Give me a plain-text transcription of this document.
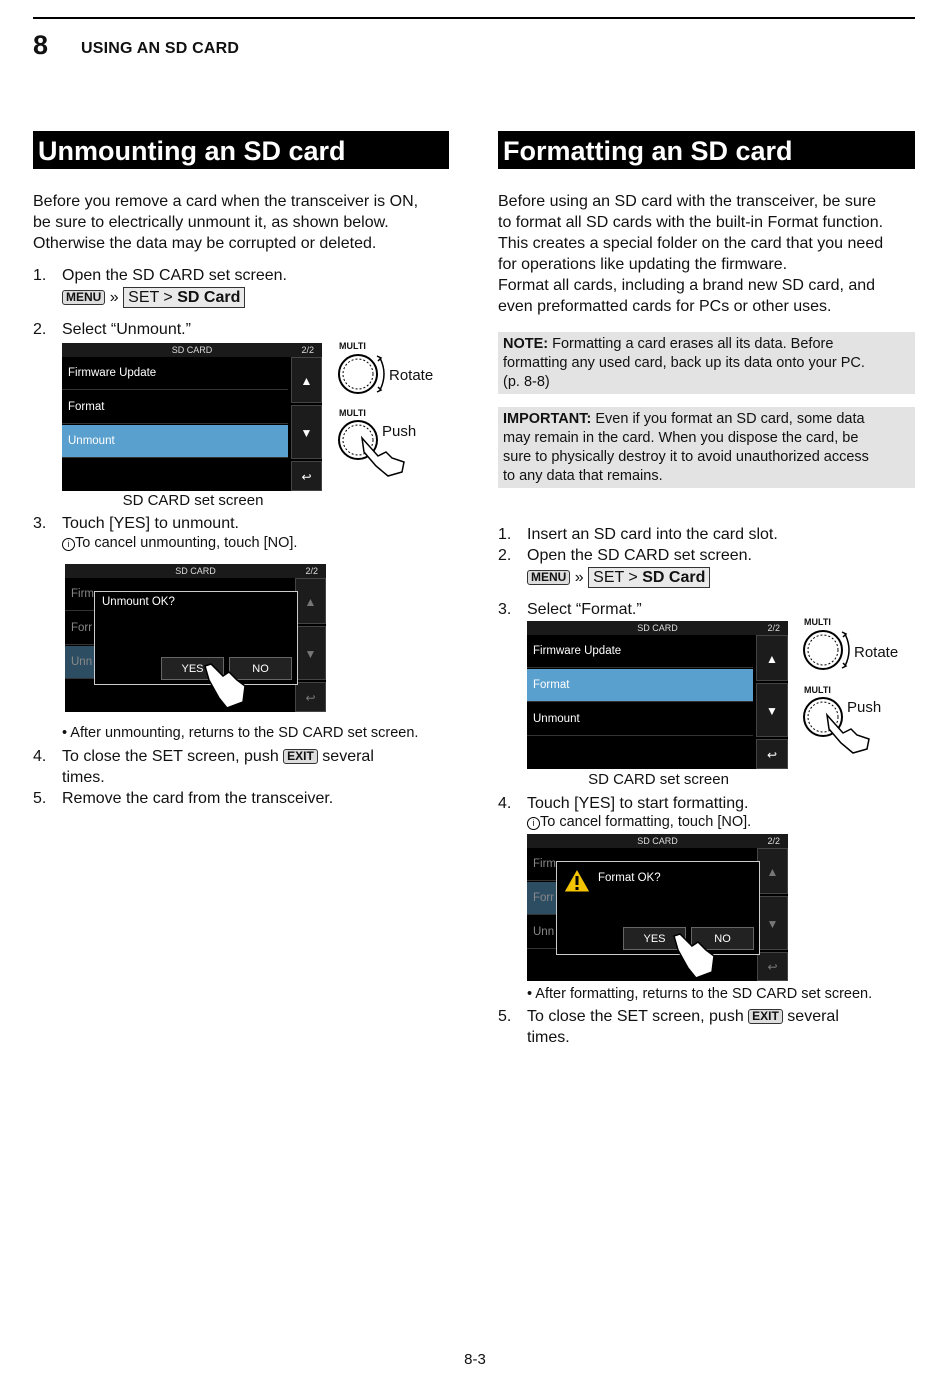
8 USING AN SD CARD
Unmounting an SD card
Before you remove a card when the transceiver is ON,
be sure to electrically unmount it, as shown below.
Otherwise the data may be corrupted or deleted.
1. Open the SD CARD set screen.
MENU » SET > SD Card
2. Select “Unmount.”
SD CARD	2/2
Firmware Update
Format
Unmount
▲
▼
↩
MULTI
Rotate
MULTI
Push
SD CARD set screen
3. Touch [YES] to unmount.
i To cancel unmounting, touch [NO].
SD CARD	2/2
Firm
Forr
Unn
▲
▼
↩
Unmount OK?
YES	NO
• After unmounting, returns to the SD CARD set screen.
4. To close the SET screen, push EXIT several
times.
5. Remove the card from the transceiver.
Formatting an SD card
Before using an SD card with the transceiver, be sure
to format all SD cards with the built-in Format function.
This creates a special folder on the card that you need
for operations like updating the firmware.
Format all cards, including a brand new SD card, and
even preformatted cards for PCs or other uses.
NOTE: Formatting a card erases all its data. Before
formatting any used card, back up its data onto your PC.
(p. 8-8)
IMPORTANT: Even if you format an SD card, some data
may remain in the card. When you dispose the card, be
sure to physically destroy it to avoid unauthorized access
to any data that remains.
1. Insert an SD card into the card slot.
2. Open the SD CARD set screen.
MENU » SET > SD Card
3. Select “Format.”
SD CARD	2/2
Firmware Update
Format
Unmount
▲
▼
↩
MULTI
Rotate
MULTI
Push
SD CARD set screen
4. Touch [YES] to start formatting.
i To cancel formatting, touch [NO].
SD CARD	2/2
Firm
Forr
Unn
▲
▼
↩
Format OK?
YES	NO
• After formatting, returns to the SD CARD set screen.
5. To close the SET screen, push EXIT several
times.
8-3
